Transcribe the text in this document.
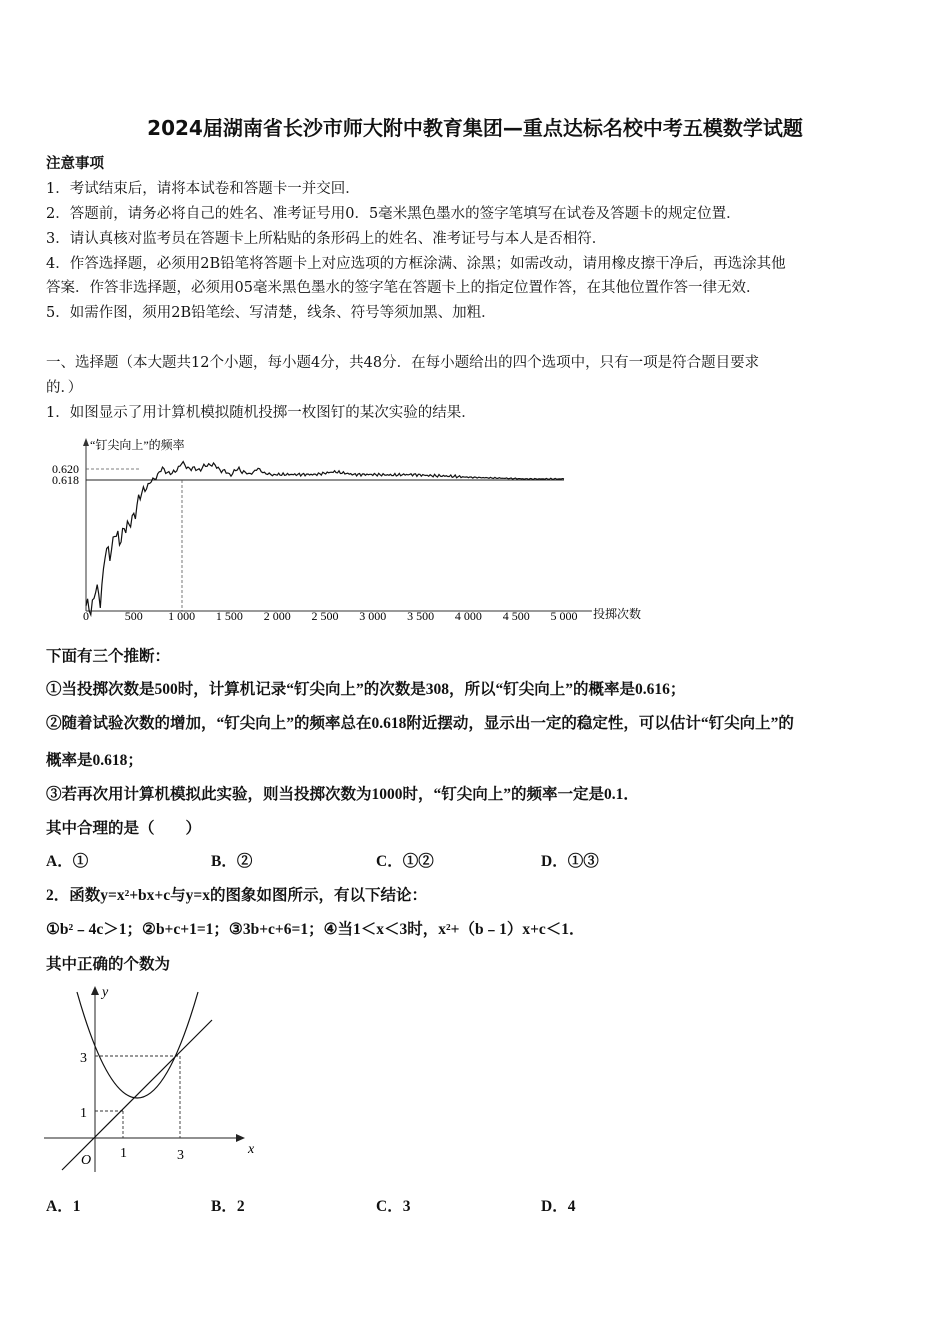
2024届湖南省长沙市师大附中教育集团—重点达标名校中考五模数学试题
注意事项
1．考试结束后，请将本试卷和答题卡一并交回．
2．答题前，请务必将自己的姓名、准考证号用0．5毫米黑色墨水的签字笔填写在试卷及答题卡的规定位置．
3．请认真核对监考员在答题卡上所粘贴的条形码上的姓名、准考证号与本人是否相符．
4．作答选择题，必须用2B铅笔将答题卡上对应选项的方框涂满、涂黑；如需改动，请用橡皮擦干净后，再选涂其他
答案．作答非选择题，必须用05毫米黑色墨水的签字笔在答题卡上的指定位置作答，在其他位置作答一律无效．
5．如需作图，须用2B铅笔绘、写清楚，线条、符号等须加黑、加粗．
一、选择题（本大题共12个小题，每小题4分，共48分．在每小题给出的四个选项中，只有一项是符合题目要求
的．）
1．如图显示了用计算机模拟随机投掷一枚图钉的某次实验的结果．
“钉尖向上”的频率
0.620
0.618
0	500 1 000 1 500 2 000 2 500 3 000 3 500 4 000 4 500 5 000 投掷次数
下面有三个推断：
①当投掷次数是500时，计算机记录“钉尖向上”的次数是308，所以“钉尖向上”的概率是0.616；
②随着试验次数的增加，“钉尖向上”的频率总在0.618附近摆动，显示出一定的稳定性，可以估计“钉尖向上”的
概率是0.618；
③若再次用计算机模拟此实验，则当投掷次数为1000时，“钉尖向上”的频率一定是0.1．
其中合理的是（　　）
A．①	B．②	C．①②	D．①③
2．函数y=x²+bx+c与y=x的图象如图所示，有以下结论：
①b²﹣4c＞1；②b+c+1=1；③3b+c+6=1；④当1＜x＜3时，x²+（b﹣1）x+c＜1．
其中正确的个数为
x
y
O 1	3
1
3
A．1	B．2	C．3	D．4
